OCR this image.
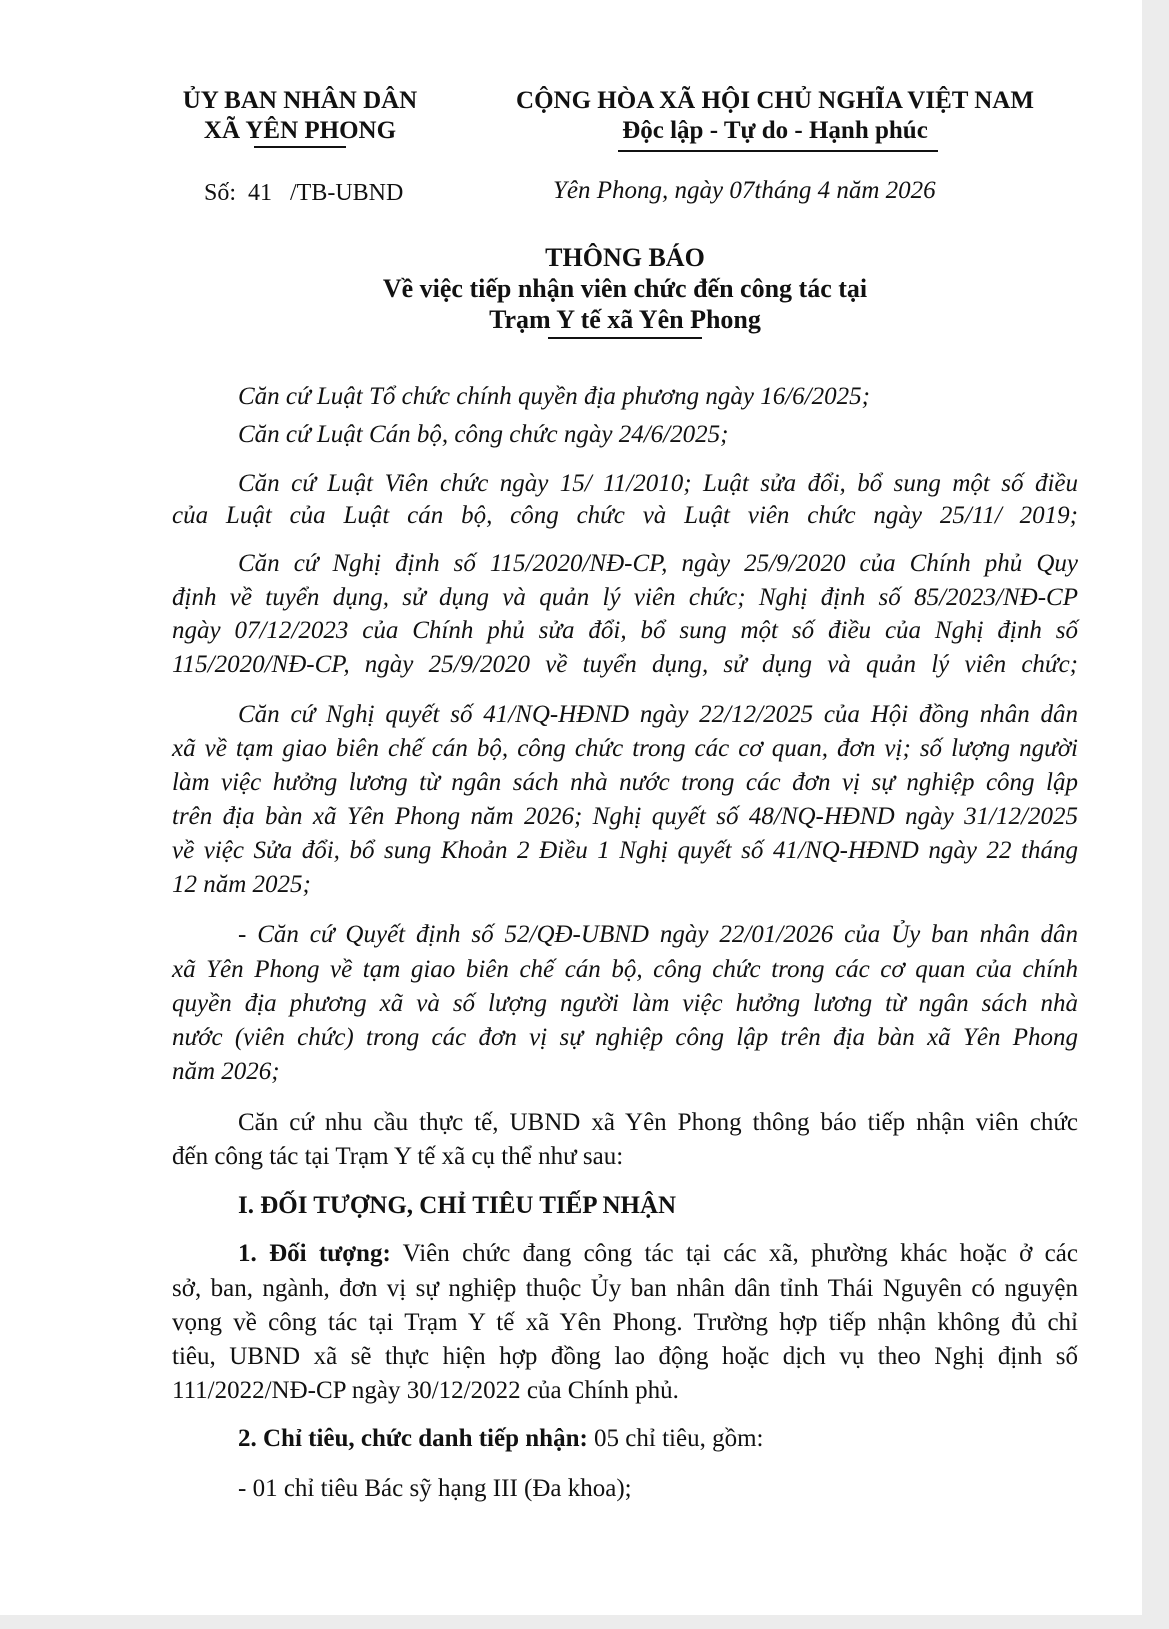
ỦY BAN NHÂN DÂN
XÃ YÊN PHONG
CỘNG HÒA XÃ HỘI CHỦ NGHĨA VIỆT NAM
Độc lập - Tự do - Hạnh phúc
Số: 41 /TB-UBND	Yên Phong, ngày 07tháng 4 năm 2026
THÔNG BÁO
Về việc tiếp nhận viên chức đến công tác tại
Trạm Y tế xã Yên Phong
Căn cứ Luật Tổ chức chính quyền địa phương ngày 16/6/2025;
Căn cứ Luật Cán bộ, công chức ngày 24/6/2025;
Căn cứ Luật Viên chức ngày 15/ 11/2010; Luật sửa đổi, bổ sung một số điều
của Luật của Luật cán bộ, công chức và Luật viên chức ngày 25/11/ 2019;
Căn cứ Nghị định số 115/2020/NĐ-CP, ngày 25/9/2020 của Chính phủ Quy
định về tuyển dụng, sử dụng và quản lý viên chức; Nghị định số 85/2023/NĐ-CP
ngày 07/12/2023 của Chính phủ sửa đổi, bổ sung một số điều của Nghị định số
115/2020/NĐ-CP, ngày 25/9/2020 về tuyển dụng, sử dụng và quản lý viên chức;
Căn cứ Nghị quyết số 41/NQ-HĐND ngày 22/12/2025 của Hội đồng nhân dân
xã về tạm giao biên chế cán bộ, công chức trong các cơ quan, đơn vị; số lượng người
làm việc hưởng lương từ ngân sách nhà nước trong các đơn vị sự nghiệp công lập
trên địa bàn xã Yên Phong năm 2026; Nghị quyết số 48/NQ-HĐND ngày 31/12/2025
về việc Sửa đổi, bổ sung Khoản 2 Điều 1 Nghị quyết số 41/NQ-HĐND ngày 22 tháng
12 năm 2025;
- Căn cứ Quyết định số 52/QĐ-UBND ngày 22/01/2026 của Ủy ban nhân dân
xã Yên Phong về tạm giao biên chế cán bộ, công chức trong các cơ quan của chính
quyền địa phương xã và số lượng người làm việc hưởng lương từ ngân sách nhà
nước (viên chức) trong các đơn vị sự nghiệp công lập trên địa bàn xã Yên Phong
năm 2026;
Căn cứ nhu cầu thực tế, UBND xã Yên Phong thông báo tiếp nhận viên chức
đến công tác tại Trạm Y tế xã cụ thể như sau:
I. ĐỐI TƯỢNG, CHỈ TIÊU TIẾP NHẬN
1. Đối tượng: Viên chức đang công tác tại các xã, phường khác hoặc ở các
sở, ban, ngành, đơn vị sự nghiệp thuộc Ủy ban nhân dân tỉnh Thái Nguyên có nguyện
vọng về công tác tại Trạm Y tế xã Yên Phong. Trường hợp tiếp nhận không đủ chỉ
tiêu, UBND xã sẽ thực hiện hợp đồng lao động hoặc dịch vụ theo Nghị định số
111/2022/NĐ-CP ngày 30/12/2022 của Chính phủ.
2. Chỉ tiêu, chức danh tiếp nhận: 05 chỉ tiêu, gồm:
- 01 chỉ tiêu Bác sỹ hạng III (Đa khoa);
